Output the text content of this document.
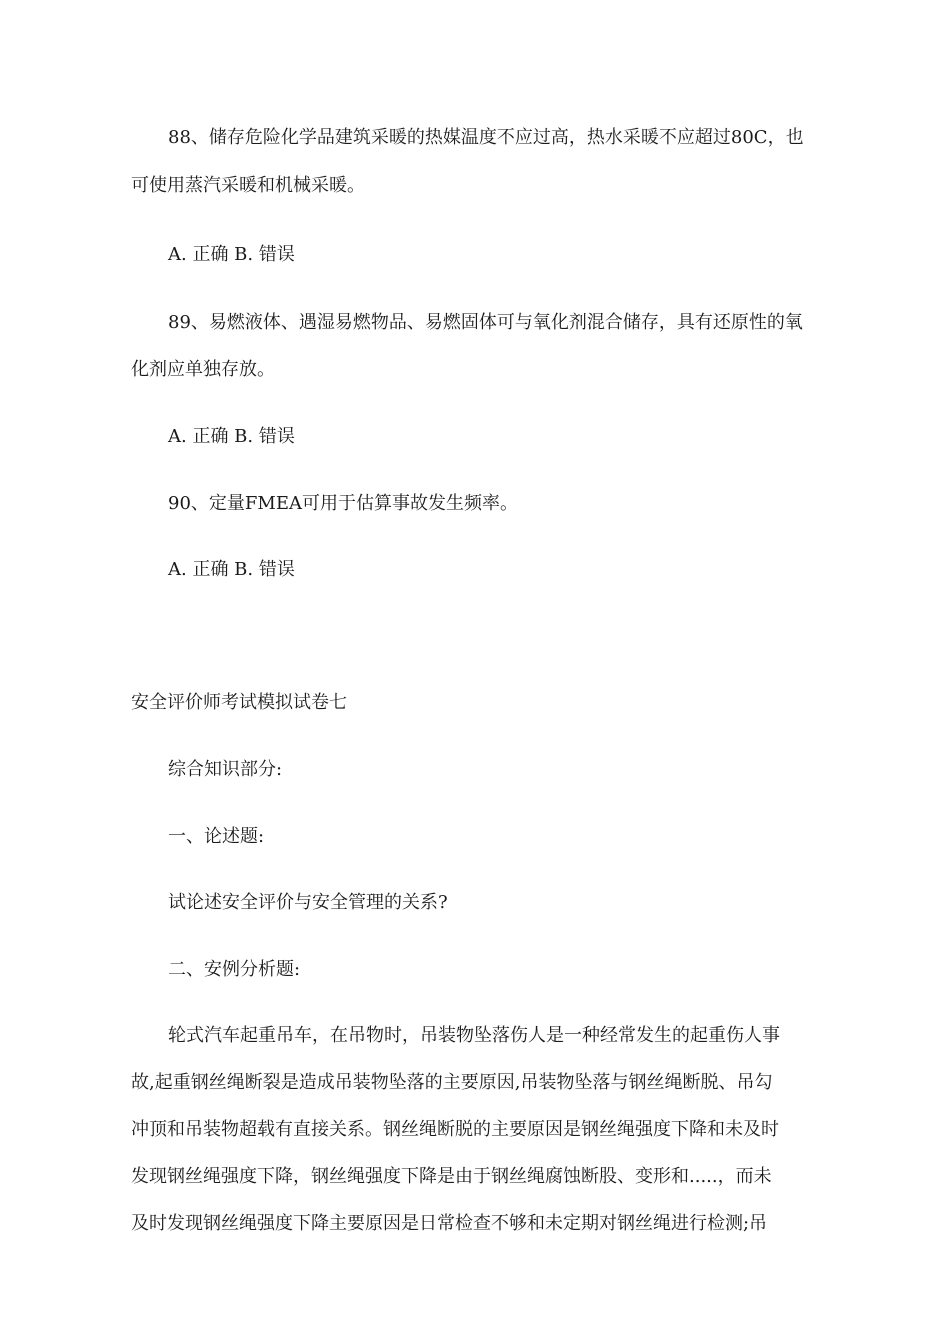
88、储存危险化学品建筑采暖的热媒温度不应过高，热水采暖不应超过80C，也
可使用蒸汽采暖和机械采暖。
A. 正确 B. 错误
89、易燃液体、遇湿易燃物品、易燃固体可与氧化剂混合储存，具有还原性的氧
化剂应单独存放。
A. 正确 B. 错误
90、定量FMEA可用于估算事故发生频率。
A. 正确 B. 错误
安全评价师考试模拟试卷七
综合知识部分:
一、论述题:
试论述安全评价与安全管理的关系?
二、安例分析题:
轮式汽车起重吊车，在吊物时，吊装物坠落伤人是一种经常发生的起重伤人事
故,起重钢丝绳断裂是造成吊装物坠落的主要原因,吊装物坠落与钢丝绳断脱、吊勾
冲顶和吊装物超载有直接关系。钢丝绳断脱的主要原因是钢丝绳强度下降和未及时
发现钢丝绳强度下降，钢丝绳强度下降是由于钢丝绳腐蚀断股、变形和.....，而未
及时发现钢丝绳强度下降主要原因是日常检查不够和未定期对钢丝绳进行检测;吊
